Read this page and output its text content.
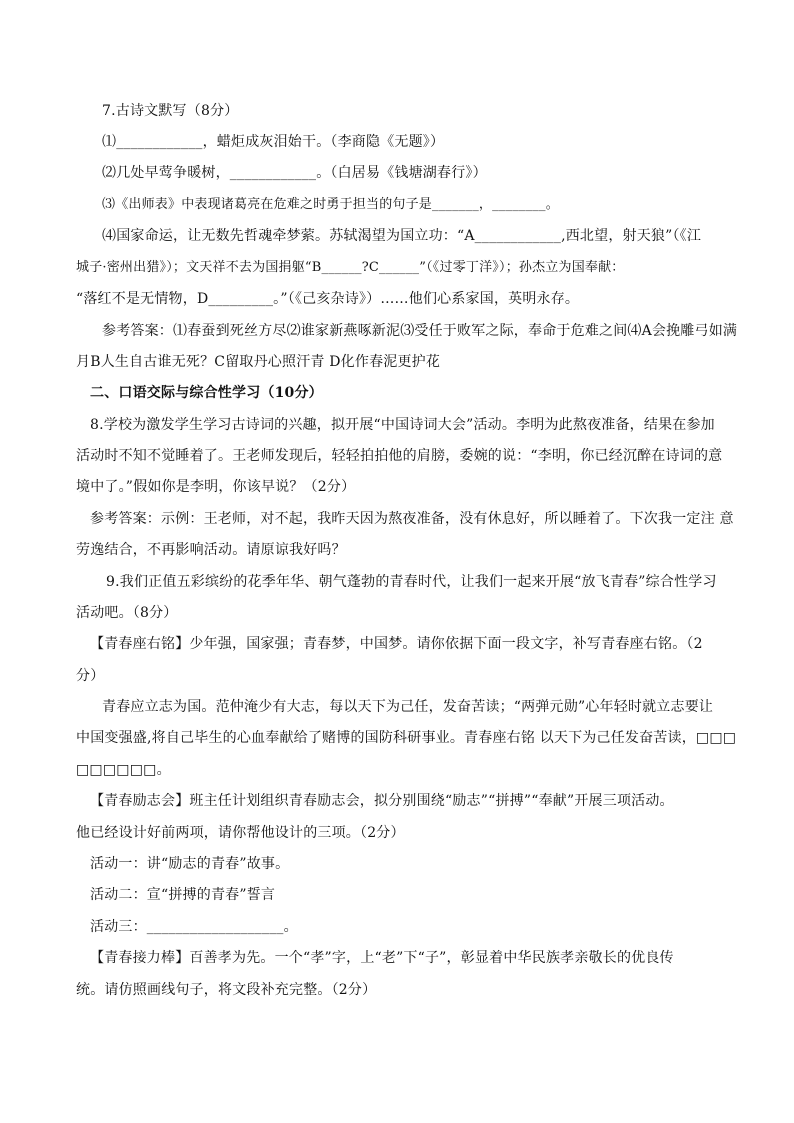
7.古诗文默写（8分）
⑴____________，蜡炬成灰泪始干。（李商隐《无题》）
⑵几处早莺争暖树，____________。（白居易《钱塘湖春行》）
⑶《出师表》中表现诸葛亮在危难之时勇于担当的句子是_______，________。
⑷国家命运，让无数先哲魂牵梦萦。苏轼渴望为国立功：“A____________,西北望，射天狼”（《江
城子·密州出猎》）；文天祥不去为国捐躯“B______?C______”（《过零丁洋》）；孙杰立为国奉献：
“落红不是无情物，D_________。”（《己亥杂诗》）……他们心系家国，英明永存。
参考答案：⑴春蚕到死丝方尽⑵谁家新燕啄新泥⑶受任于败军之际，奉命于危难之间⑷A会挽雕弓如满
月B人生自古谁无死？C留取丹心照汗青 D化作春泥更护花
二、口语交际与综合性学习（10分）
8.学校为激发学生学习古诗词的兴趣，拟开展“中国诗词大会”活动。李明为此熬夜准备，结果在参加
活动时不知不觉睡着了。王老师发现后，轻轻拍拍他的肩膀，委婉的说：“李明，你已经沉醉在诗词的意
境中了。”假如你是李明，你该早说？（2分）
参考答案：示例：王老师，对不起，我昨天因为熬夜准备，没有休息好，所以睡着了。下次我一定注 意
劳逸结合，不再影响活动。请原谅我好吗？
9.我们正值五彩缤纷的花季年华、朝气蓬勃的青春时代，让我们一起来开展“放飞青春”综合性学习
活动吧。（8分）
【青春座右铭】少年强，国家强；青春梦，中国梦。请你依据下面一段文字，补写青春座右铭。（2
分）
青春应立志为国。范仲淹少有大志，每以天下为己任，发奋苦读；“两弹元勋”心年轻时就立志要让
中国变强盛,将自己毕生的心血奉献给了赌博的国防科研事业。青春座右铭 以天下为己任发奋苦读，□□□
□□□□□□。
【青春励志会】班主任计划组织青春励志会，拟分别围绕“励志”“拼搏”“奉献”开展三项活动。
他已经设计好前两项，请你帮他设计的三项。（2分）
活动一：讲“励志的青春”故事。
活动二：宣“拼搏的青春”誓言
活动三：___________________。
【青春接力棒】百善孝为先。一个“孝”字，上“老”下“子”，彰显着中华民族孝亲敬长的优良传
统。请仿照画线句子，将文段补充完整。（2分）
